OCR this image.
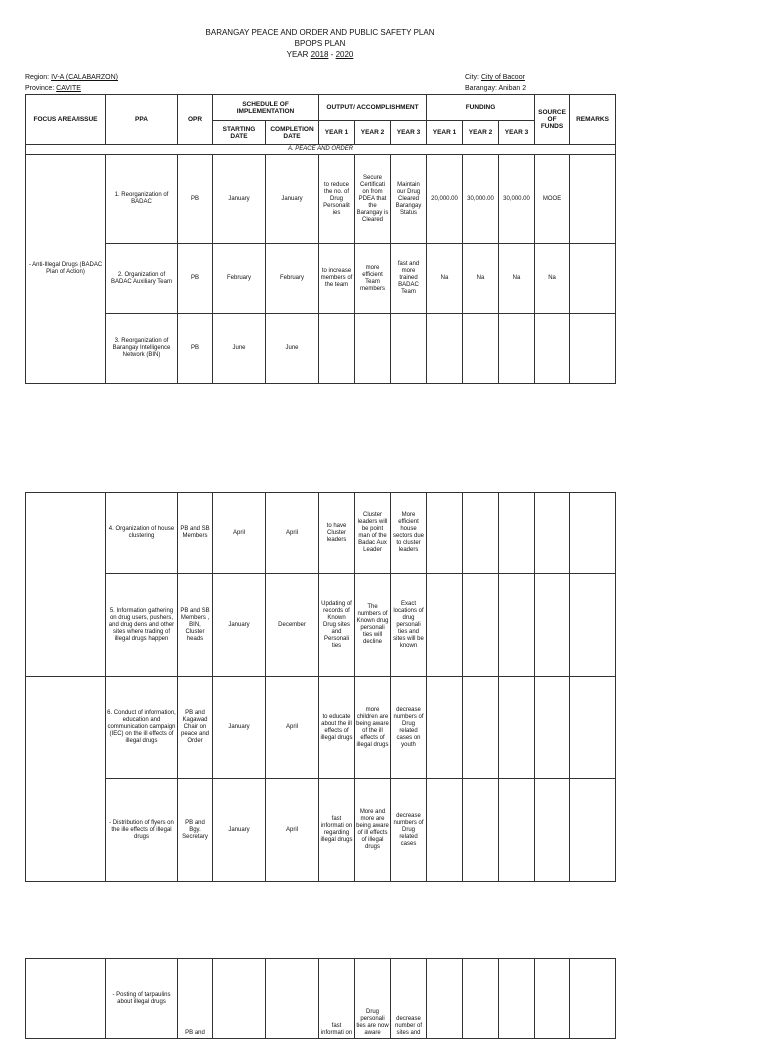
BARANGAY PEACE AND ORDER AND PUBLIC SAFETY PLAN
BPOPS PLAN
YEAR 2018 - 2020
Region: IV-A (CALABARZON)
Province: CAVITE
City: City of Bacoor
Barangay: Aniban 2
FOCUS AREA/ISSUE	PPA	OPR	SCHEDULE OF IMPLEMENTATION		OUTPUT/ ACCOMPLISHMENT			FUNDING			SOURCE OF FUNDS	REMARKS
			STARTING DATE	COMPLETION DATE	YEAR 1	YEAR 2	YEAR 3	YEAR 1	YEAR 2	YEAR 3		
A. PEACE AND ORDER												
- Anti-Illegal Drugs (BADAC Plan of Action)	1. Reorganization of BADAC	PB	January	January	to reduce the no. of Drug Personalit ies	Secure Certificati on from PDEA that the Barangay is Cleared	Maintain our Drug Cleared Barangay Status	20,000.00	30,000.00	30,000.00	MOOE	
	2. Organization of BADAC Auxiliary Team	PB	February	February	to increase members of the team	more efficient Team members	fast and more trained BADAC Team	Na	Na	Na	Na	
	3. Reorganization of Barangay Intelligence Network (BIN)	PB	June	June								
	4. Organization of house clustering	PB and SB Members	April	April	to have Cluster leaders	Cluster leaders will be point man of the Badac Aux Leader	More efficient house sectors due to cluster leaders					
	5. Information gathering on drug users, pushers, and drug dens and other sites where trading of illegal drugs happen	PB and SB Members , BIN, Cluster heads	January	December	Updating of records of Known Drug sites and Personali ties	The numbers of Known drug personali ties will decline	Exact locations of drug personali ties and sites will be known					
	6. Conduct of information, education and communication campaign (IEC) on the ill effects of illegal drugs	PB and Kagawad Chair on peace and Order	January	April	to educate about the ill effects of illegal drugs	more children are being aware of the ill effects of illegal drugs	decrease numbers of Drug related cases on youth					
	- Distribution of flyers on the ille effects of illegal drugs	PB and Bgy. Secretary	January	April	fast informati on regarding illegal drugs	More and more are being aware of ill effects of illegal drugs	decrease numbers of Drug related cases					
	- Posting of tarpaulins about illegal drugs	PB and			fast informati on	Drug personali ties are now aware	decrease number of sites and					
